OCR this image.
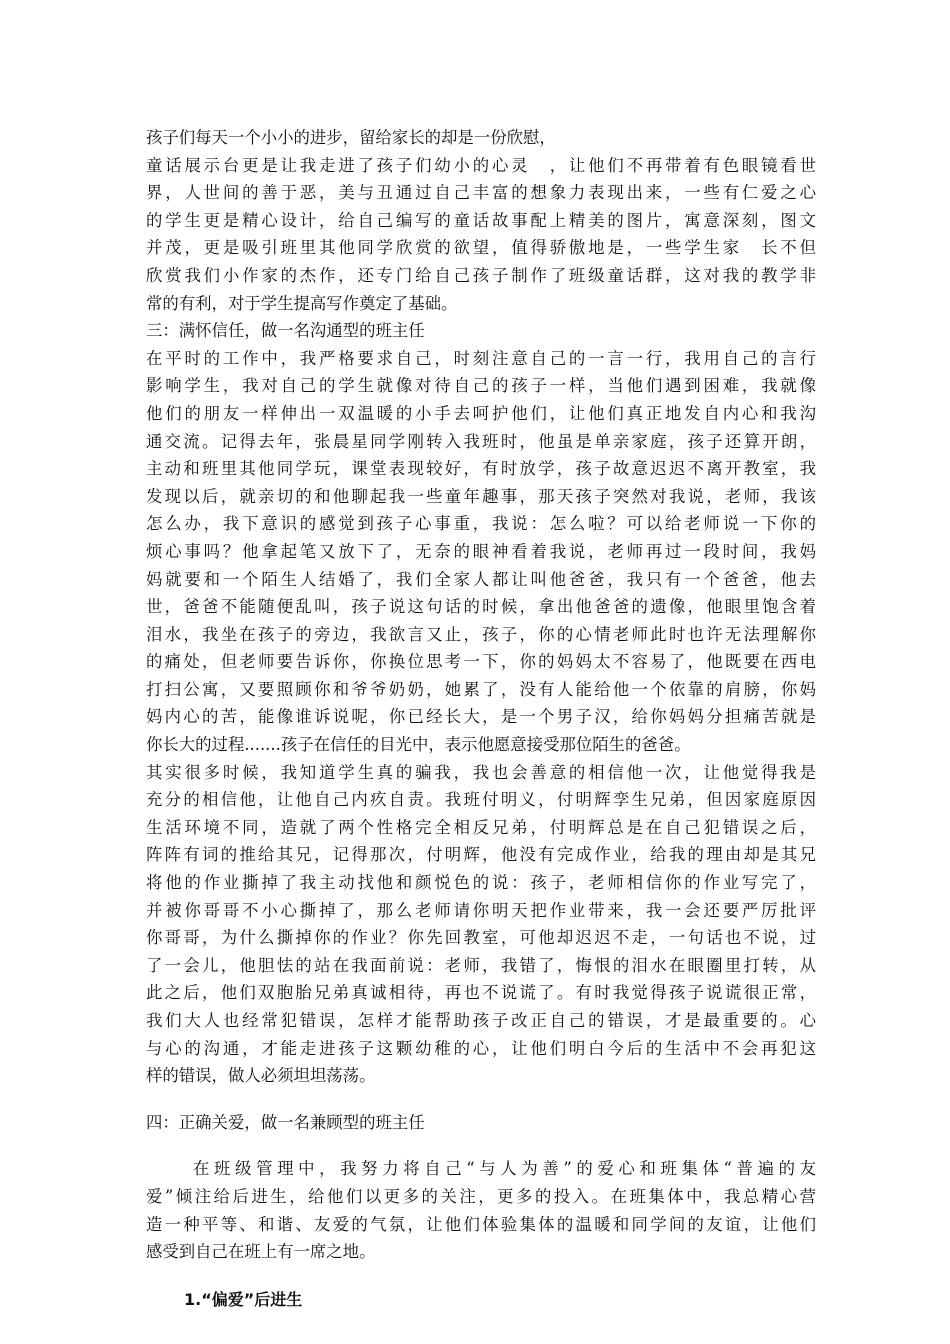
孩子们每天一个小小的进步，留给家长的却是一份欣慰，
童话展示台更是让我走进了孩子们幼小的心灵　，让他们不再带着有色眼镜看世
界，人世间的善于恶，美与丑通过自己丰富的想象力表现出来，一些有仁爱之心
的学生更是精心设计，给自己编写的童话故事配上精美的图片，寓意深刻，图文
并茂，更是吸引班里其他同学欣赏的欲望，值得骄傲地是，一些学生家　长不但
欣赏我们小作家的杰作，还专门给自己孩子制作了班级童话群，这对我的教学非
常的有利，对于学生提高写作奠定了基础。
三：满怀信任，做一名沟通型的班主任
在平时的工作中，我严格要求自己，时刻注意自己的一言一行，我用自己的言行
影响学生，我对自己的学生就像对待自己的孩子一样，当他们遇到困难，我就像
他们的朋友一样伸出一双温暖的小手去呵护他们，让他们真正地发自内心和我沟
通交流。记得去年，张晨星同学刚转入我班时，他虽是单亲家庭，孩子还算开朗，
主动和班里其他同学玩，课堂表现较好，有时放学，孩子故意迟迟不离开教室，我
发现以后，就亲切的和他聊起我一些童年趣事，那天孩子突然对我说，老师，我该
怎么办，我下意识的感觉到孩子心事重，我说：怎么啦？可以给老师说一下你的
烦心事吗？他拿起笔又放下了，无奈的眼神看着我说，老师再过一段时间，我妈
妈就要和一个陌生人结婚了，我们全家人都让叫他爸爸，我只有一个爸爸，他去
世，爸爸不能随便乱叫，孩子说这句话的时候，拿出他爸爸的遗像，他眼里饱含着
泪水，我坐在孩子的旁边，我欲言又止，孩子，你的心情老师此时也许无法理解你
的痛处，但老师要告诉你，你换位思考一下，你的妈妈太不容易了，他既要在西电
打扫公寓，又要照顾你和爷爷奶奶，她累了，没有人能给他一个依靠的肩膀，你妈
妈内心的苦，能像谁诉说呢，你已经长大，是一个男子汉，给你妈妈分担痛苦就是
你长大的过程.......孩子在信任的目光中，表示他愿意接受那位陌生的爸爸。
其实很多时候，我知道学生真的骗我，我也会善意的相信他一次，让他觉得我是
充分的相信他，让他自己内疚自责。我班付明义，付明辉孪生兄弟，但因家庭原因
生活环境不同，造就了两个性格完全相反兄弟，付明辉总是在自己犯错误之后，
阵阵有词的推给其兄，记得那次，付明辉，他没有完成作业，给我的理由却是其兄
将他的作业撕掉了我主动找他和颜悦色的说：孩子，老师相信你的作业写完了，
并被你哥哥不小心撕掉了，那么老师请你明天把作业带来，我一会还要严厉批评
你哥哥，为什么撕掉你的作业？你先回教室，可他却迟迟不走，一句话也不说，过
了一会儿，他胆怯的站在我面前说：老师，我错了，悔恨的泪水在眼圈里打转，从
此之后，他们双胞胎兄弟真诚相待，再也不说谎了。有时我觉得孩子说谎很正常，
我们大人也经常犯错误，怎样才能帮助孩子改正自己的错误，才是最重要的。心
与心的沟通，才能走进孩子这颗幼稚的心，让他们明白今后的生活中不会再犯这
样的错误，做人必须坦坦荡荡。
四：正确关爱，做一名兼顾型的班主任
在班级管理中，我努力将自己“与人为善”的爱心和班集体“普遍的友
爱”倾注给后进生，给他们以更多的关注，更多的投入。在班集体中，我总精心营
造一种平等、和谐、友爱的气氛，让他们体验集体的温暖和同学间的友谊，让他们
感受到自己在班上有一席之地。
1.“偏爱”后进生
